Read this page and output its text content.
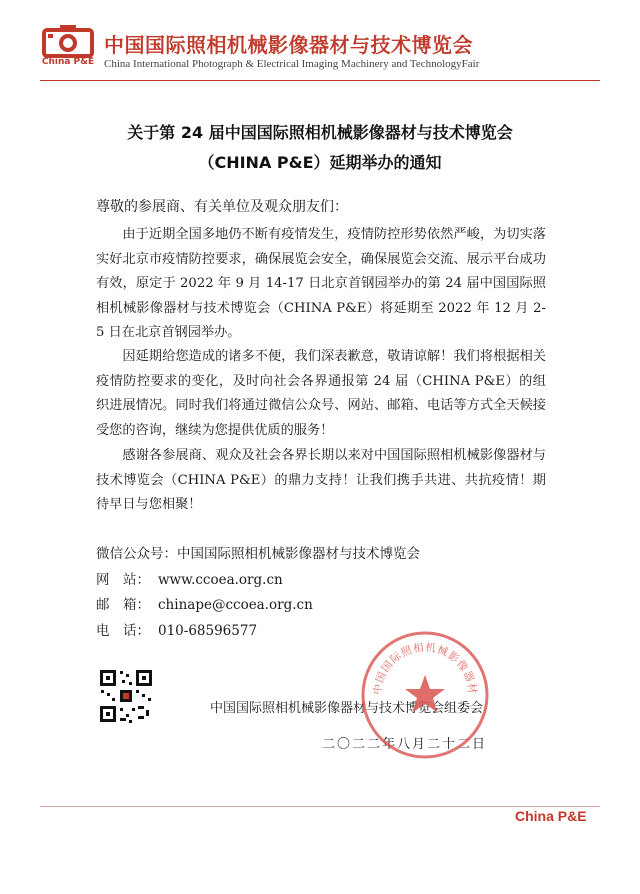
China P&E
中国国际照相机械影像器材与技术博览会
China International Photograph & Electrical Imaging Machinery and TechnologyFair
关于第 24 届中国国际照相机械影像器材与技术博览会
（CHINA P&E）延期举办的通知
尊敬的参展商、有关单位及观众朋友们：
由于近期全国多地仍不断有疫情发生，疫情防控形势依然严峻，为切实落实好北京市疫情防控要求，确保展览会安全，确保展览会交流、展示平台成功有效，原定于 2022 年 9 月 14-17 日北京首钢园举办的第 24 届中国国际照相机械影像器材与技术博览会（CHINA P&E）将延期至 2022 年 12 月 2-5 日在北京首钢园举办。
因延期给您造成的诸多不便，我们深表歉意，敬请谅解！我们将根据相关疫情防控要求的变化，及时向社会各界通报第 24 届（CHINA P&E）的组织进展情况。同时我们将通过微信公众号、网站、邮箱、电话等方式全天候接受您的咨询，继续为您提供优质的服务！
感谢各参展商、观众及社会各界长期以来对中国国际照相机械影像器材与技术博览会（CHINA P&E）的鼎力支持！让我们携手共进、共抗疫情！期待早日与您相聚！
微信公众号：中国国际照相机械影像器材与技术博览会
网　站： www.ccoea.org.cn
邮　箱： chinape@ccoea.org.cn
电　话： 010-68596577
中国国际照相机械影像器材与技术博览会组委会
二〇二二年八月二十二日
中国国际照相机械影像器材
China P&E
